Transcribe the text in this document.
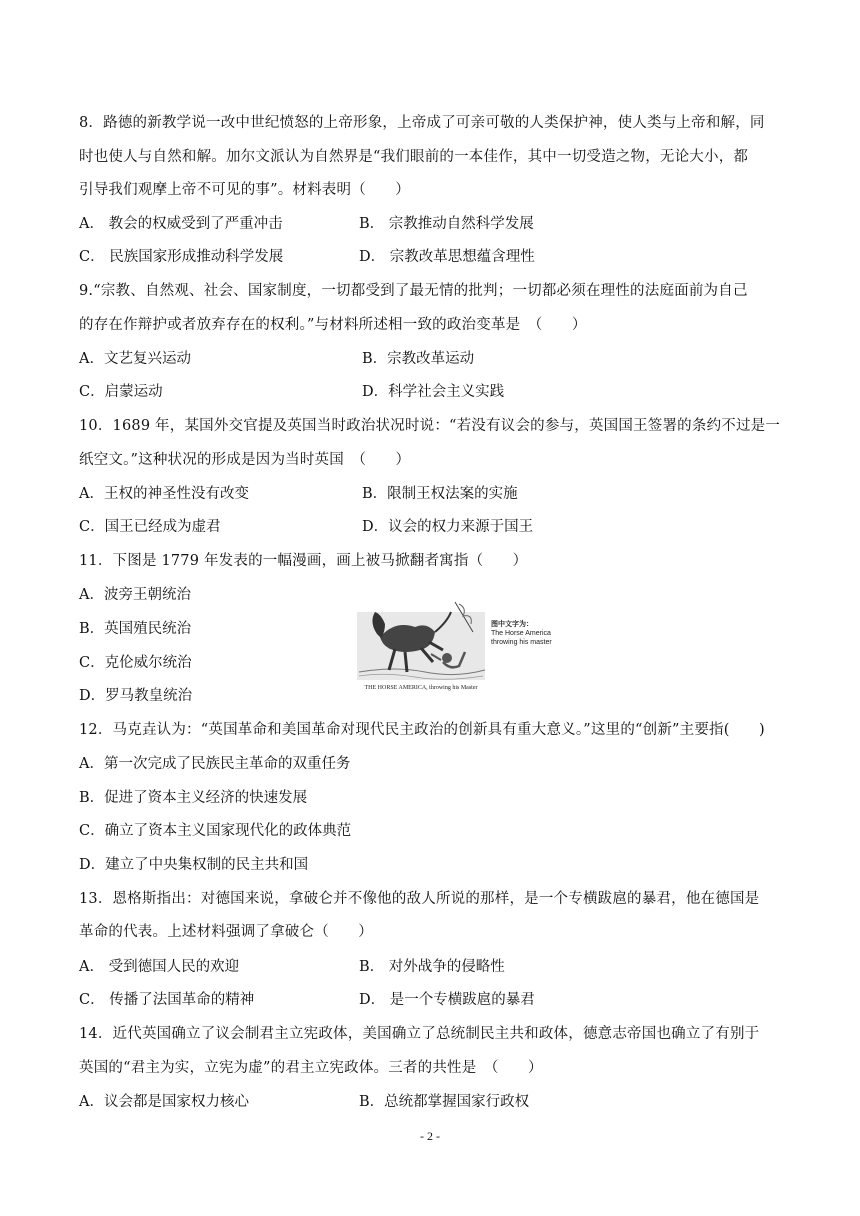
8．路德的新教学说一改中世纪愤怒的上帝形象，上帝成了可亲可敬的人类保护神，使人类与上帝和解，同
时也使人与自然和解。加尔文派认为自然界是“我们眼前的一本佳作，其中一切受造之物，无论大小，都
引导我们观摩上帝不可见的事”。材料表明（　　）
A． 教会的权威受到了严重冲击	B． 宗教推动自然科学发展
C． 民族国家形成推动科学发展	D． 宗教改革思想蕴含理性
9.“宗教、自然观、社会、国家制度，一切都受到了最无情的批判；一切都必须在理性的法庭面前为自己
的存在作辩护或者放弃存在的权利。”与材料所述相一致的政治变革是　（　　）
A．文艺复兴运动	B．宗教改革运动
C．启蒙运动	D．科学社会主义实践
10．1689 年，某国外交官提及英国当时政治状况时说：“若没有议会的参与，英国国王签署的条约不过是一
纸空文。”这种状况的形成是因为当时英国　（　　）
A．王权的神圣性没有改变	B．限制王权法案的实施
C．国王已经成为虚君	D．议会的权力来源于国王
11．下图是 1779 年发表的一幅漫画，画上被马掀翻者寓指（　　）
A．波旁王朝统治
B．英国殖民统治
C．克伦威尔统治
D．罗马教皇统治	THE HORSE AMERICA, throwing his Master
图中文字为：
The Horse America
throwing his master
12．马克垚认为：“英国革命和美国革命对现代民主政治的创新具有重大意义。”这里的“创新”主要指(　　)
A．第一次完成了民族民主革命的双重任务
B．促进了资本主义经济的快速发展
C．确立了资本主义国家现代化的政体典范
D．建立了中央集权制的民主共和国
13．恩格斯指出：对德国来说，拿破仑并不像他的敌人所说的那样，是一个专横跋扈的暴君，他在德国是
革命的代表。上述材料强调了拿破仑（　　）
A． 受到德国人民的欢迎	B． 对外战争的侵略性
C． 传播了法国革命的精神	D． 是一个专横跋扈的暴君
14．近代英国确立了议会制君主立宪政体，美国确立了总统制民主共和政体，德意志帝国也确立了有别于
英国的“君主为实，立宪为虚”的君主立宪政体。三者的共性是　（　　）
A．议会都是国家权力核心	B．总统都掌握国家行政权
- 2 -
